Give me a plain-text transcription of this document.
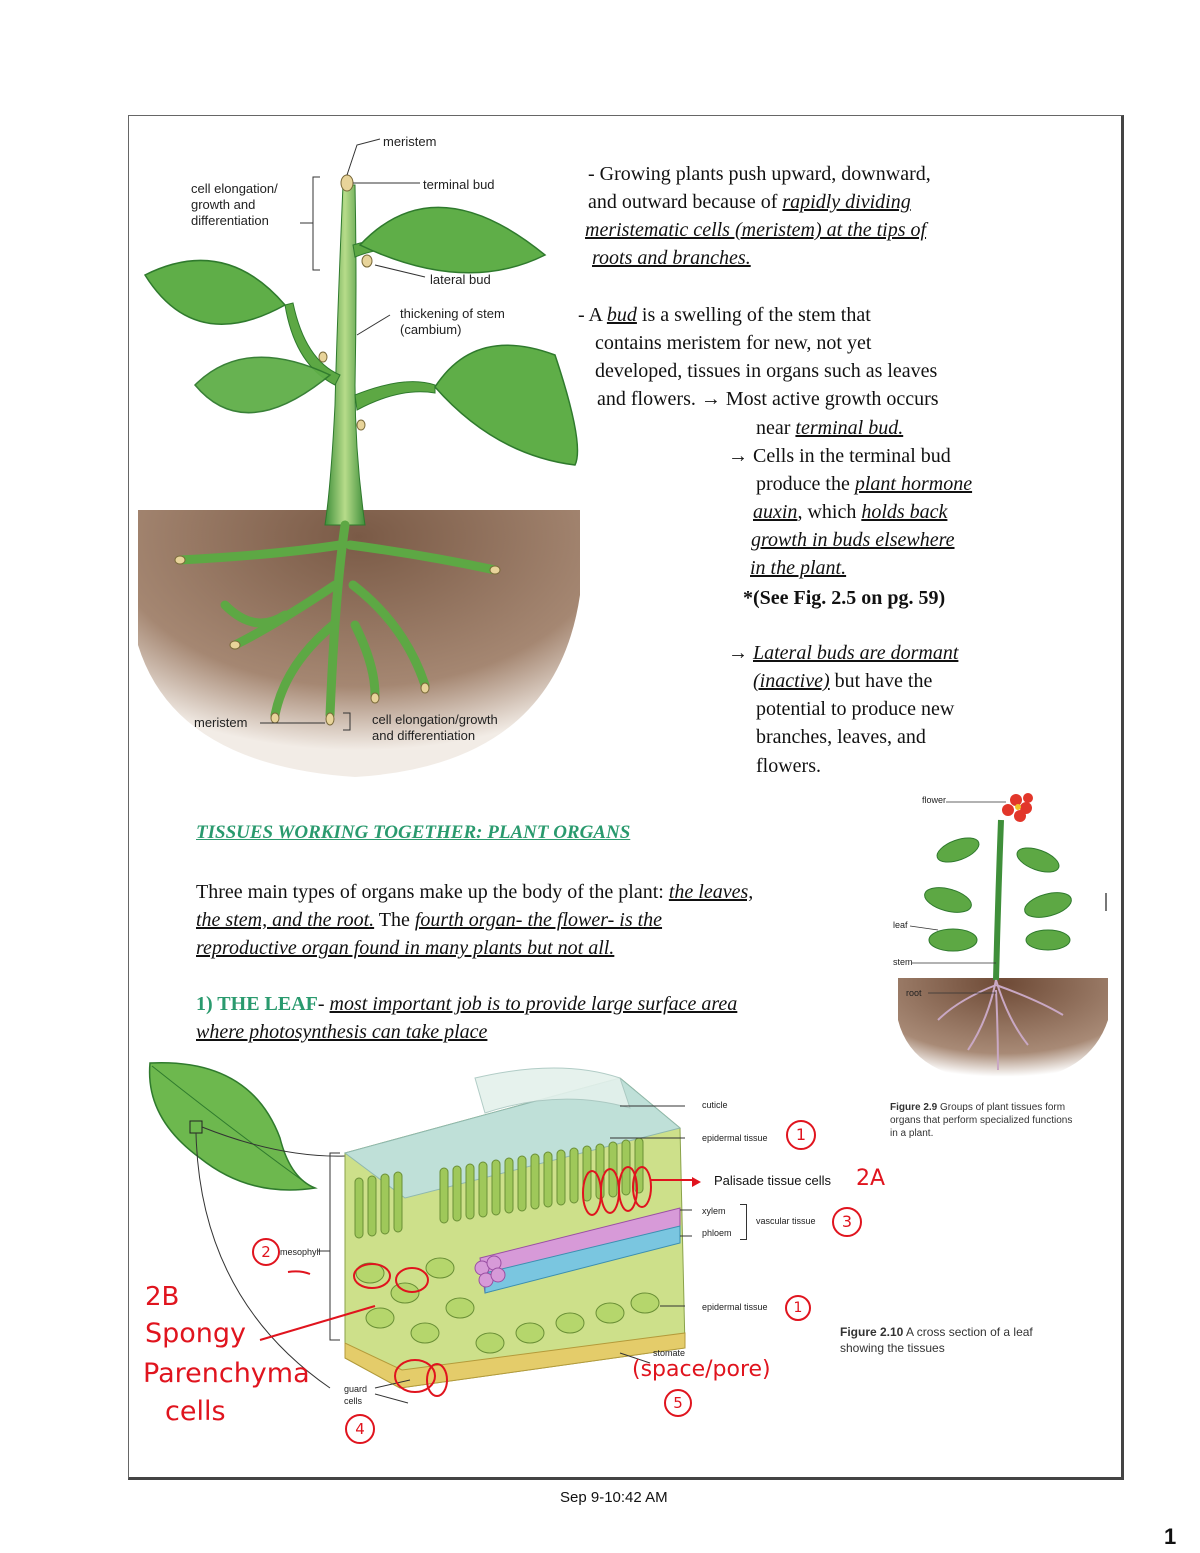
meristem
terminal bud
cell elongation/
growth and
differentiation
lateral bud
thickening of stem
(cambium)
meristem	cell elongation/growth
and differentiation
- Growing plants push upward, downward,
and outward because of rapidly dividing
meristematic cells (meristem) at the tips of
roots and branches.
- A bud is a swelling of the stem that
contains meristem for new, not yet
developed, tissues in organs such as leaves
and flowers. → Most active growth occurs
near terminal bud.
→ Cells in the terminal bud
produce the plant hormone
auxin, which holds back
growth in buds elsewhere
in the plant.
*(See Fig. 2.5 on pg. 59)
→ Lateral buds are dormant
(inactive) but have the
potential to produce new
branches, leaves, and
flowers.
TISSUES WORKING TOGETHER: PLANT ORGANS
Three main types of organs make up the body of the plant: the leaves,
the stem, and the root. The fourth organ- the flower- is the
reproductive organ found in many plants but not all.
1) THE LEAF- most important job is to provide large surface area
where photosynthesis can take place
flower
leaf
stem
root
Figure 2.9 Groups of plant tissues form organs that perform specialized functions in a plant.
cuticle
epidermal tissue
Palisade tissue cells
xylem
phloem
vascular tissue
mesophyll
epidermal tissue
stomate
guard
cells
Figure 2.10 A cross section of a leaf showing the tissues
1
2A
3
2
1
2B
Spongy
Parenchyma
cells
(space/pore)
5
4
Sep 9-10:42 AM
1
